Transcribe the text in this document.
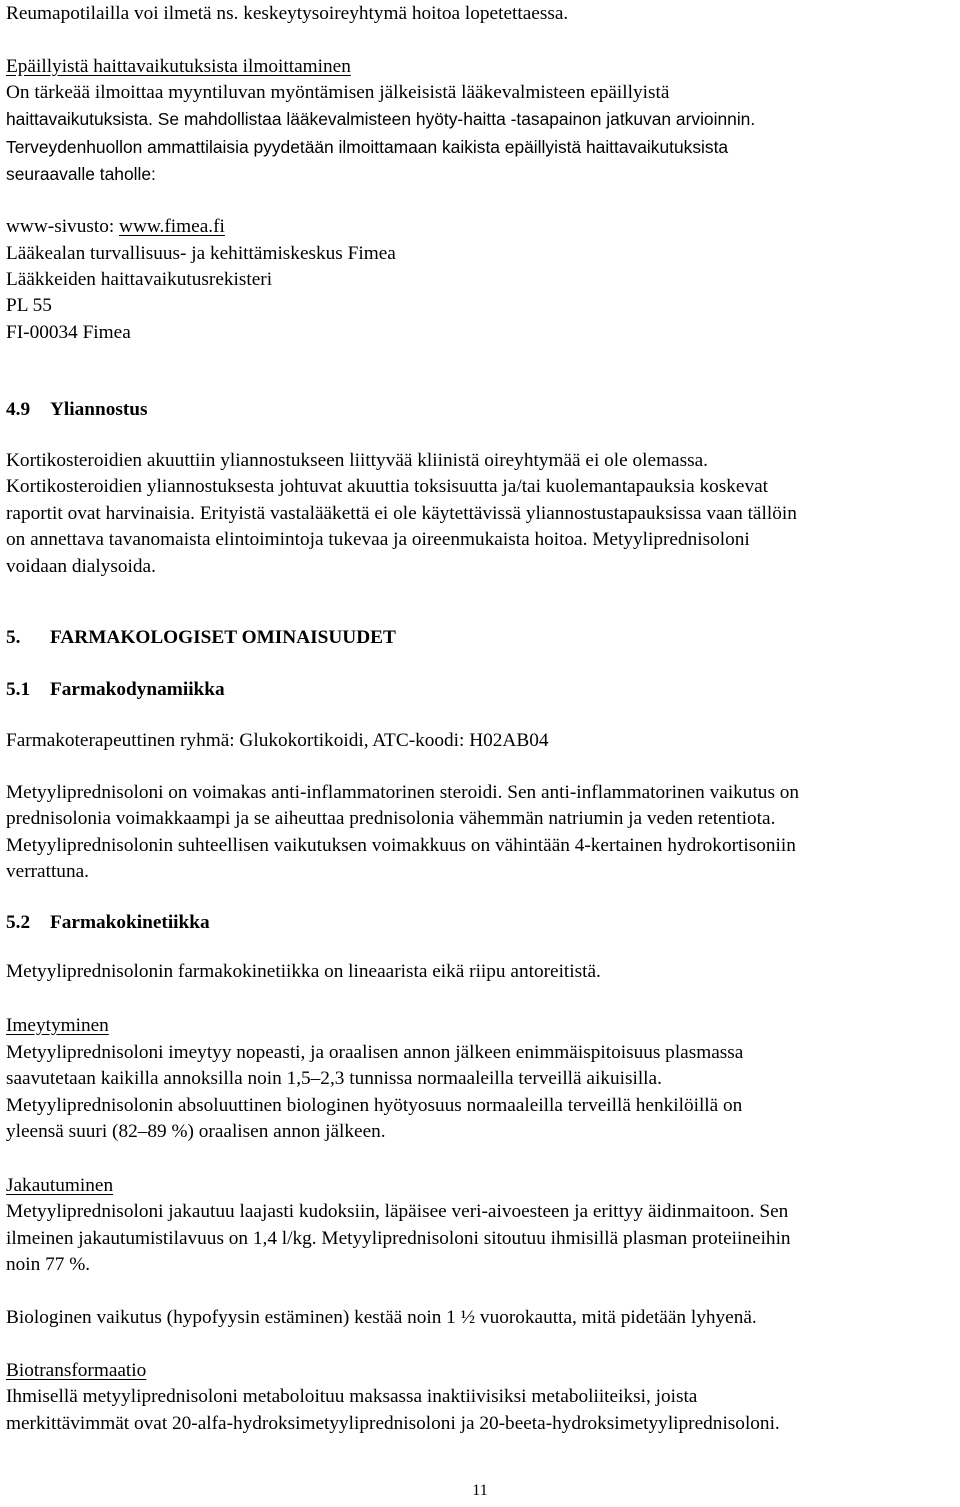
Reumapotilailla voi ilmetä ns. keskeytysoireyhtymä hoitoa lopetettaessa.
Epäillyistä haittavaikutuksista ilmoittaminen
On tärkeää ilmoittaa myyntiluvan myöntämisen jälkeisistä lääkevalmisteen epäillyistä
haittavaikutuksista. Se mahdollistaa lääkevalmisteen hyöty-haitta -tasapainon jatkuvan arvioinnin.
Terveydenhuollon ammattilaisia pyydetään ilmoittamaan kaikista epäillyistä haittavaikutuksista
seuraavalle taholle:
www-sivusto: www.fimea.fi
Lääkealan turvallisuus- ja kehittämiskeskus Fimea
Lääkkeiden haittavaikutusrekisteri
PL 55
FI-00034 Fimea
4.9 Yliannostus
Kortikosteroidien akuuttiin yliannostukseen liittyvää kliinistä oireyhtymää ei ole olemassa.
Kortikosteroidien yliannostuksesta johtuvat akuuttia toksisuutta ja/tai kuolemantapauksia koskevat
raportit ovat harvinaisia. Erityistä vastalääkettä ei ole käytettävissä yliannostustapauksissa vaan tällöin
on annettava tavanomaista elintoimintoja tukevaa ja oireenmukaista hoitoa. Metyyliprednisoloni
voidaan dialysoida.
5. FARMAKOLOGISET OMINAISUUDET
5.1 Farmakodynamiikka
Farmakoterapeuttinen ryhmä: Glukokortikoidi, ATC-koodi: H02AB04
Metyyliprednisoloni on voimakas anti-inflammatorinen steroidi. Sen anti-inflammatorinen vaikutus on
prednisolonia voimakkaampi ja se aiheuttaa prednisolonia vähemmän natriumin ja veden retentiota.
Metyyliprednisolonin suhteellisen vaikutuksen voimakkuus on vähintään 4-kertainen hydrokortisoniin
verrattuna.
5.2 Farmakokinetiikka
Metyyliprednisolonin farmakokinetiikka on lineaarista eikä riipu antoreitistä.
Imeytyminen
Metyyliprednisoloni imeytyy nopeasti, ja oraalisen annon jälkeen enimmäispitoisuus plasmassa
saavutetaan kaikilla annoksilla noin 1,5–2,3 tunnissa normaaleilla terveillä aikuisilla.
Metyyliprednisolonin absoluuttinen biologinen hyötyosuus normaaleilla terveillä henkilöillä on
yleensä suuri (82–89 %) oraalisen annon jälkeen.
Jakautuminen
Metyyliprednisoloni jakautuu laajasti kudoksiin, läpäisee veri-aivoesteen ja erittyy äidinmaitoon. Sen
ilmeinen jakautumistilavuus on 1,4 l/kg. Metyyliprednisoloni sitoutuu ihmisillä plasman proteiineihin
noin 77 %.
Biologinen vaikutus (hypofyysin estäminen) kestää noin 1 ½ vuorokautta, mitä pidetään lyhyenä.
Biotransformaatio
Ihmisellä metyyliprednisoloni metaboloituu maksassa inaktiivisiksi metaboliiteiksi, joista
merkittävimmät ovat 20-alfa-hydroksimetyyliprednisoloni ja 20-beeta-hydroksimetyyliprednisoloni.
11
